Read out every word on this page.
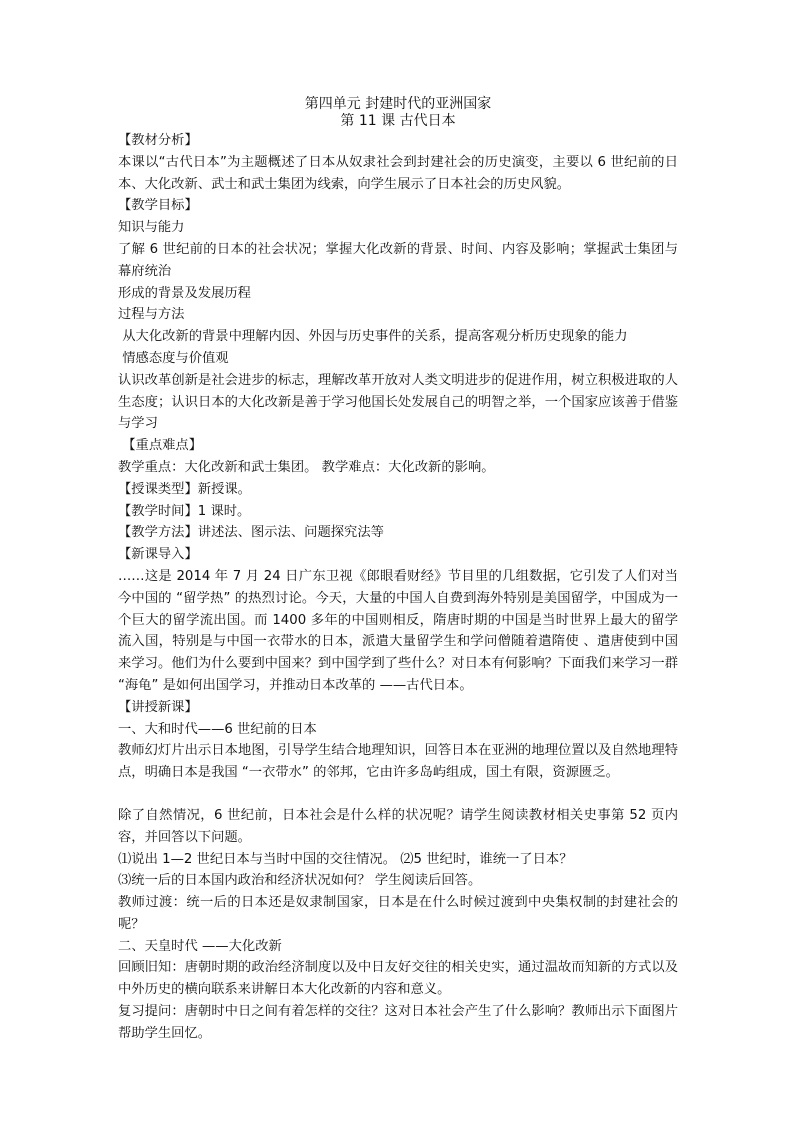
第四单元 封建时代的亚洲国家
第 11 课 古代日本

【教材分析】

本课以“古代日本”为主题概述了日本从奴隶社会到封建社会的历史演变，主要以 6 世纪前的日本、大化改新、武士和武士集团为线索，向学生展示了日本社会的历史风貌。

【教学目标】

知识与能力

了解 6 世纪前的日本的社会状况；掌握大化改新的背景、时间、内容及影响；掌握武士集团与幕府统治

形成的背景及发展历程

过程与方法

从大化改新的背景中理解内因、外因与历史事件的关系，提高客观分析历史现象的能力

情感态度与价值观

认识改革创新是社会进步的标志，理解改革开放对人类文明进步的促进作用，树立积极进取的人生态度；认识日本的大化改新是善于学习他国长处发展自己的明智之举，一个国家应该善于借鉴与学习

【重点难点】

教学重点：大化改新和武士集团。 教学难点：大化改新的影响。

【授课类型】新授课。

【教学时间】1 课时。

【教学方法】讲述法、图示法、问题探究法等

【新课导入】

……这是 2014 年 7 月 24 日广东卫视《郎眼看财经》节目里的几组数据，它引发了人们对当今中国的 “留学热” 的热烈讨论。今天，大量的中国人自费到海外特别是美国留学，中国成为一个巨大的留学流出国。而 1400 多年的中国则相反，隋唐时期的中国是当时世界上最大的留学流入国，特别是与中国一衣带水的日本，派遣大量留学生和学问僧随着遣隋使 、遣唐使到中国来学习。他们为什么要到中国来？到中国学到了些什么？对日本有何影响？下面我们来学习一群 “海龟” 是如何出国学习，并推动日本改革的 ——古代日本。

【讲授新课】

一、大和时代——6 世纪前的日本

教师幻灯片出示日本地图，引导学生结合地理知识，回答日本在亚洲的地理位置以及自然地理特点，明确日本是我国 “一衣带水” 的邻邦，它由许多岛屿组成，国土有限，资源匮乏。

除了自然情况，6 世纪前，日本社会是什么样的状况呢？请学生阅读教材相关史事第 52 页内容，并回答以下问题。

⑴说出 1—2 世纪日本与当时中国的交往情况。 ⑵5 世纪时，谁统一了日本？

⑶统一后的日本国内政治和经济状况如何？ 学生阅读后回答。

教师过渡：统一后的日本还是奴隶制国家，日本是在什么时候过渡到中央集权制的封建社会的呢？

二、天皇时代 ——大化改新

回顾旧知：唐朝时期的政治经济制度以及中日友好交往的相关史实，通过温故而知新的方式以及中外历史的横向联系来讲解日本大化改新的内容和意义。

复习提问：唐朝时中日之间有着怎样的交往？这对日本社会产生了什么影响？教师出示下面图片帮助学生回忆。
